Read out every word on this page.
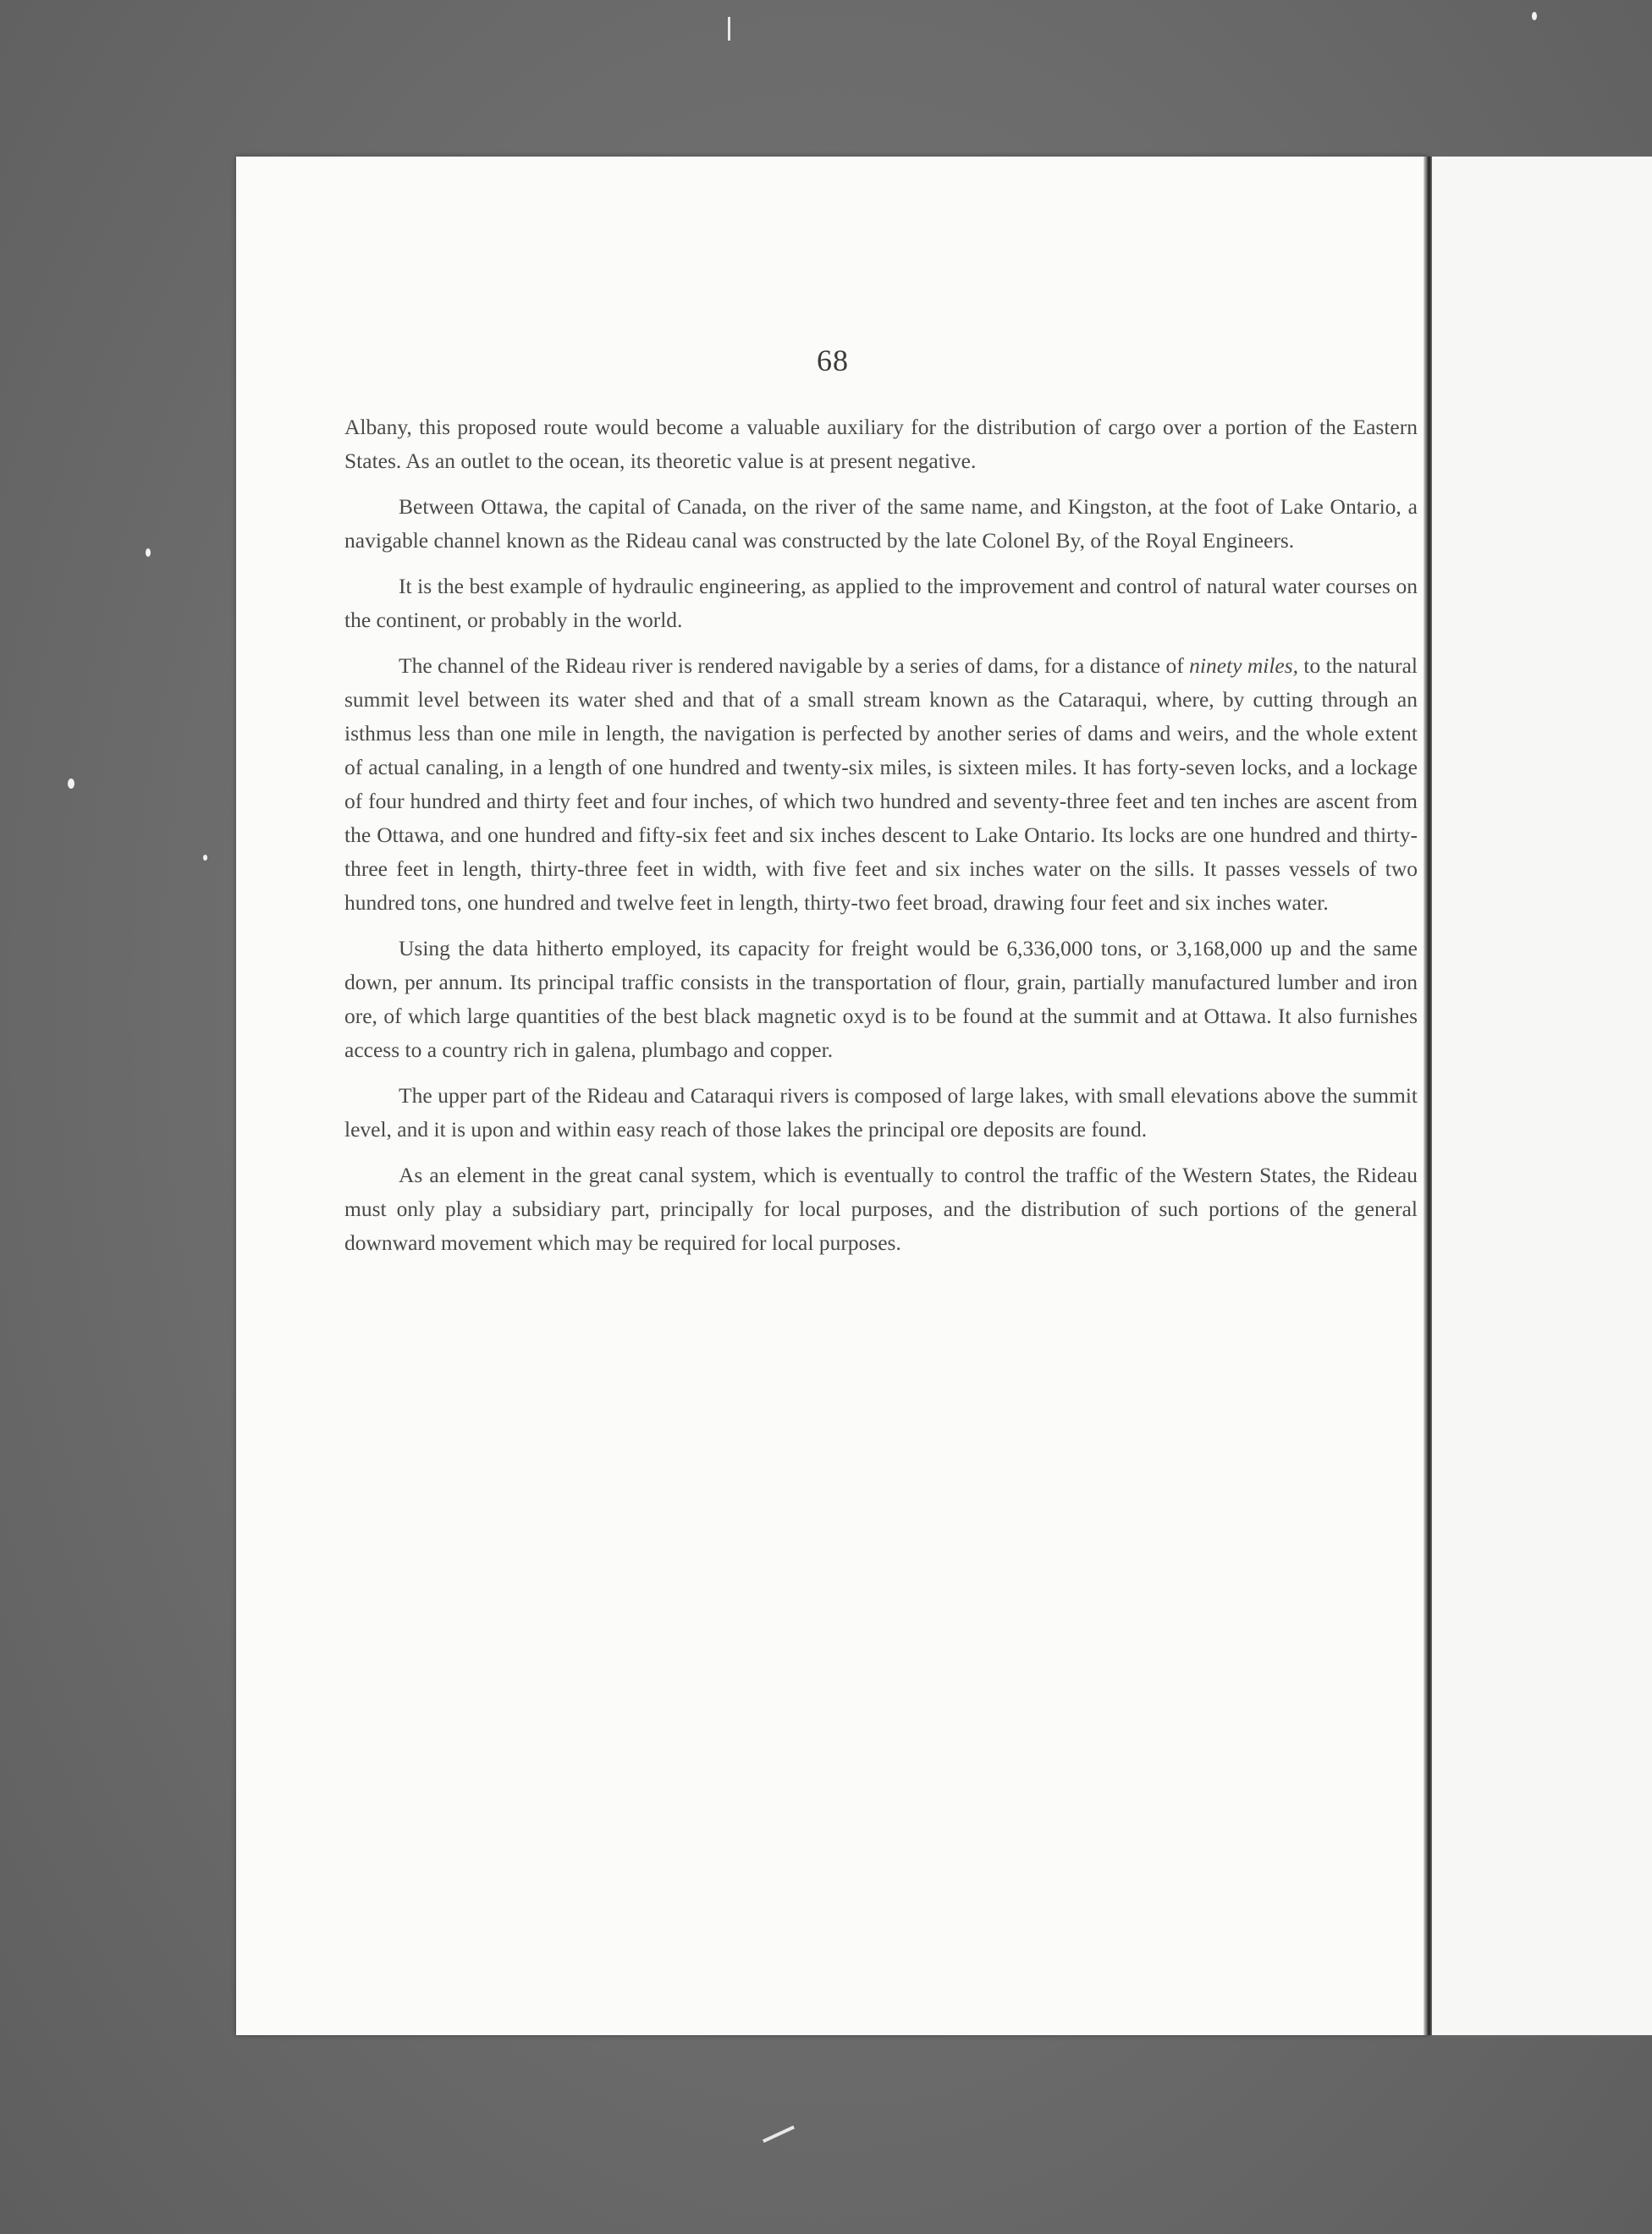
68

Albany, this proposed route would become a valuable auxiliary for the distribution of cargo over a portion of the Eastern States. As an outlet to the ocean, its theoretic value is at present negative.

Between Ottawa, the capital of Canada, on the river of the same name, and Kingston, at the foot of Lake Ontario, a navigable channel known as the Rideau canal was constructed by the late Colonel By, of the Royal Engineers.

It is the best example of hydraulic engineering, as applied to the improvement and control of natural water courses on the continent, or probably in the world.

The channel of the Rideau river is rendered navigable by a series of dams, for a distance of ninety miles, to the natural summit level between its water shed and that of a small stream known as the Cataraqui, where, by cutting through an isthmus less than one mile in length, the navigation is perfected by another series of dams and weirs, and the whole extent of actual canaling, in a length of one hundred and twenty-six miles, is sixteen miles. It has forty-seven locks, and a lockage of four hundred and thirty feet and four inches, of which two hundred and seventy-three feet and ten inches are ascent from the Ottawa, and one hundred and fifty-six feet and six inches descent to Lake Ontario. Its locks are one hundred and thirty-three feet in length, thirty-three feet in width, with five feet and six inches water on the sills. It passes vessels of two hundred tons, one hundred and twelve feet in length, thirty-two feet broad, drawing four feet and six inches water.

Using the data hitherto employed, its capacity for freight would be 6,336,000 tons, or 3,168,000 up and the same down, per annum. Its principal traffic consists in the transportation of flour, grain, partially manufactured lumber and iron ore, of which large quantities of the best black magnetic oxyd is to be found at the summit and at Ottawa. It also furnishes access to a country rich in galena, plumbago and copper.

The upper part of the Rideau and Cataraqui rivers is composed of large lakes, with small elevations above the summit level, and it is upon and within easy reach of those lakes the principal ore deposits are found.

As an element in the great canal system, which is eventually to control the traffic of the Western States, the Rideau must only play a subsidiary part, principally for local purposes, and the distribution of such portions of the general downward movement which may be required for local purposes.
